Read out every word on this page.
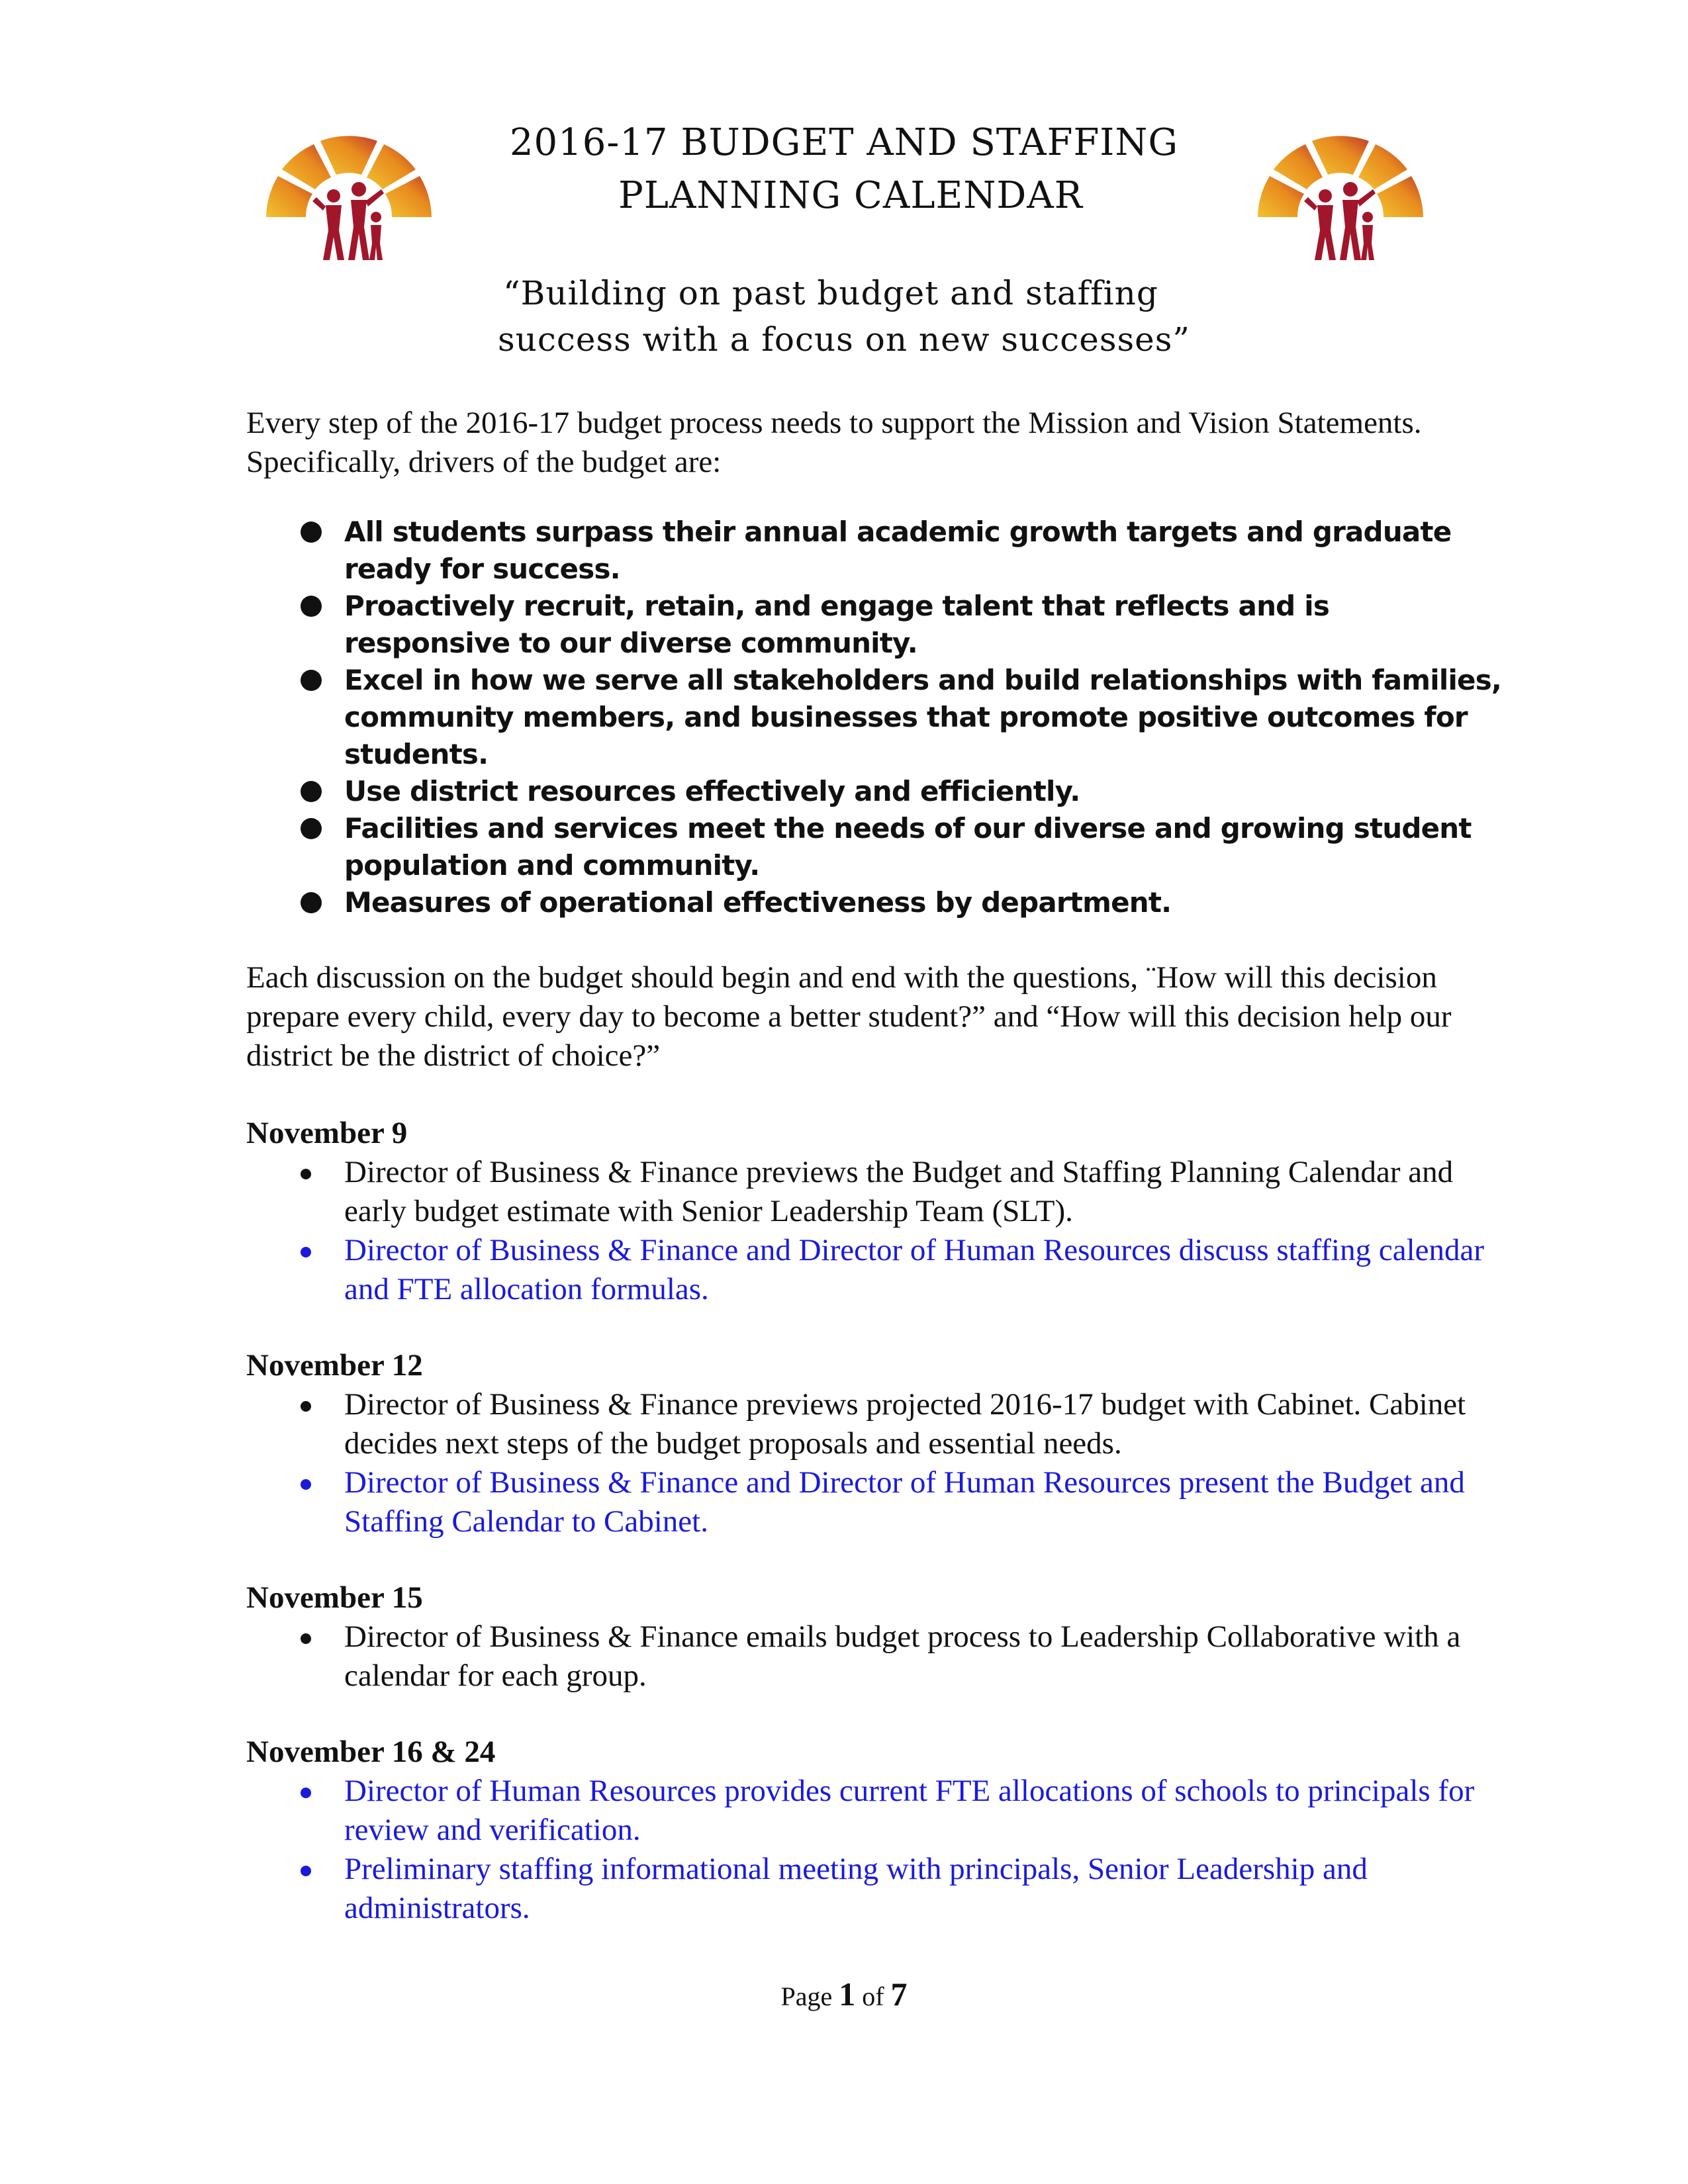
2016-17 BUDGET AND STAFFING
PLANNING CALENDAR
“Building on past budget and staffing
success with a focus on new successes”

Every step of the 2016-17 budget process needs to support the Mission and Vision Statements. Specifically, drivers of the budget are:

All students surpass their annual academic growth targets and graduate ready for success.
Proactively recruit, retain, and engage talent that reflects and is responsive to our diverse community.
Excel in how we serve all stakeholders and build relationships with families, community members, and businesses that promote positive outcomes for students.
Use district resources effectively and efficiently.
Facilities and services meet the needs of our diverse and growing student population and community.
Measures of operational effectiveness by department.

Each discussion on the budget should begin and end with the questions, ¨How will this decision prepare every child, every day to become a better student?” and “How will this decision help our district be the district of choice?”

November 9
Director of Business & Finance previews the Budget and Staffing Planning Calendar and early budget estimate with Senior Leadership Team (SLT).
Director of Business & Finance and Director of Human Resources discuss staffing calendar and FTE allocation formulas.
November 12
Director of Business & Finance previews projected 2016-17 budget with Cabinet. Cabinet decides next steps of the budget proposals and essential needs.
Director of Business & Finance and Director of Human Resources present the Budget and Staffing Calendar to Cabinet.
November 15
Director of Business & Finance emails budget process to Leadership Collaborative with a calendar for each group.
November 16 & 24
Director of Human Resources provides current FTE allocations of schools to principals for review and verification.
Preliminary staffing informational meeting with principals, Senior Leadership and administrators.
Page 1 of 7
